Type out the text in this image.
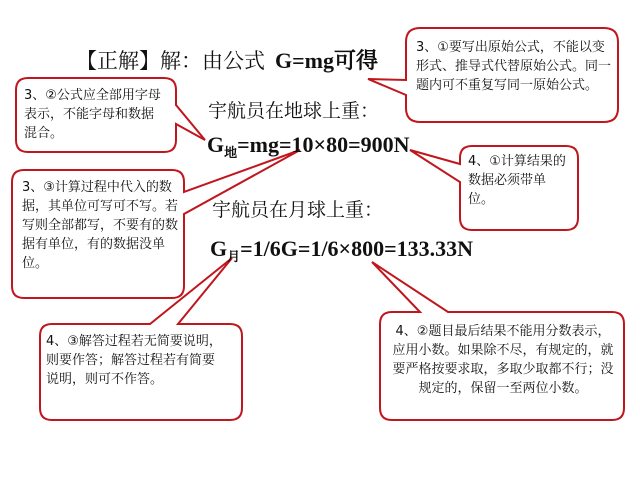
【正解】解：由公式 G=mg可得
宇航员在地球上重：
$G_地=mg=10\times 80=900N$
宇航员在月球上重：
$G_月=1/6G=1/6\times 800=133.33N$

3、①要写出原始公式，不能以变形式、推导式代替原始公式。同一题内可不重复写同一原始公式。

3、②公式应全部用字母表示，不能字母和数据混合。

4、①计算结果的数据必须带单位。

3、③计算过程中代入的数据，其单位可写可不写。若写则全部都写，不要有的数据有单位，有的数据没单位。

4、③解答过程若无简要说明，则要作答；解答过程若有简要说明，则可不作答。

4、②题目最后结果不能用分数表示，应用小数。如果除不尽，有规定的，就要严格按要求取，多取少取都不行；没规定的，保留一至两位小数。
